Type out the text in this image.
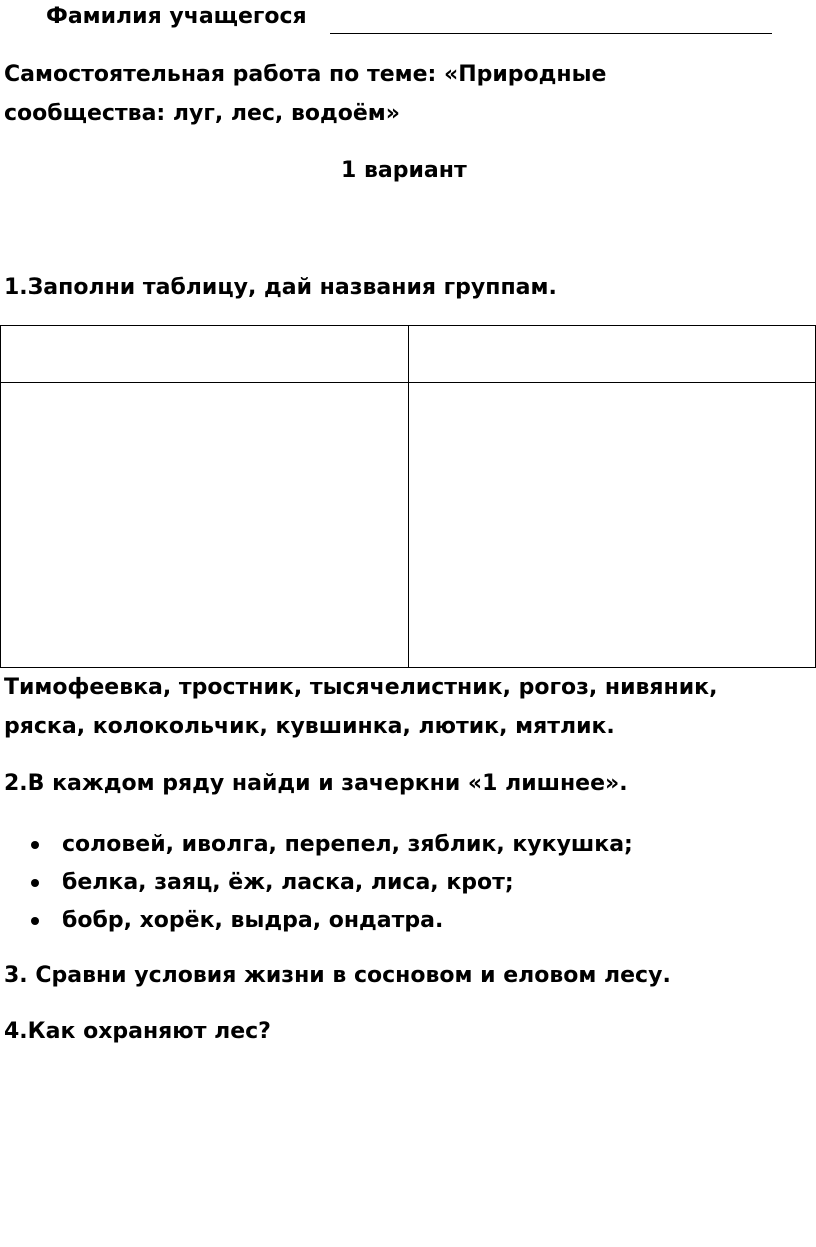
Фамилия учащегося
Самостоятельная работа по теме: «Природные
сообщества: луг, лес, водоём»
1 вариант
1.Заполни таблицу, дай названия группам.

Тимофеевка, тростник, тысячелистник, рогоз, нивяник,
ряска, колокольчик, кувшинка, лютик, мятлик.
2.В каждом ряду найди и зачеркни «1 лишнее».
соловей, иволга, перепел, зяблик, кукушка;
белка, заяц, ёж, ласка, лиса, крот;
бобр, хорёк, выдра, ондатра.
3. Сравни условия жизни в сосновом и еловом лесу.
4.Как охраняют лес?
